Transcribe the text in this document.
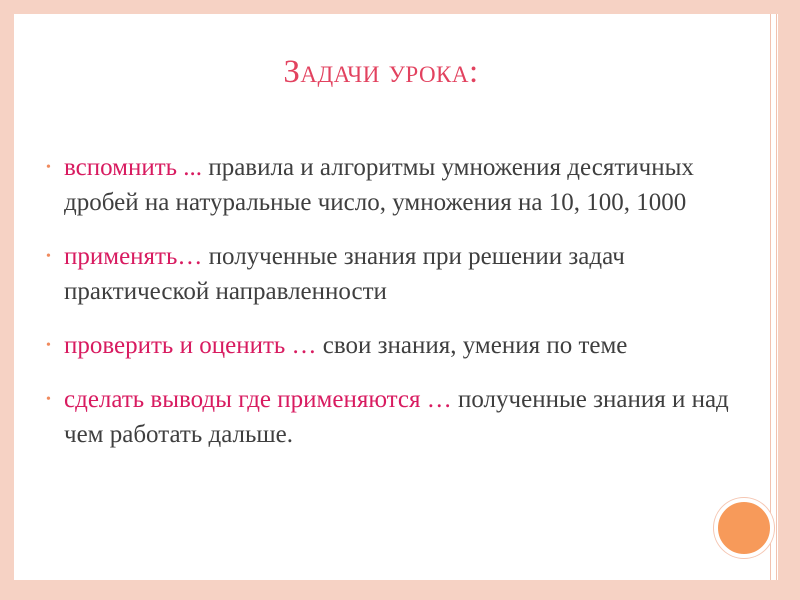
Задачи урока:
• вспомнить ... правила и алгоритмы умножения десятичных дробей на натуральные число, умножения на 10, 100, 1000
• применять… полученные знания при решении задач практической направленности
• проверить и оценить … свои знания, умения по теме
• сделать выводы где применяются … полученные знания и над чем работать дальше.
